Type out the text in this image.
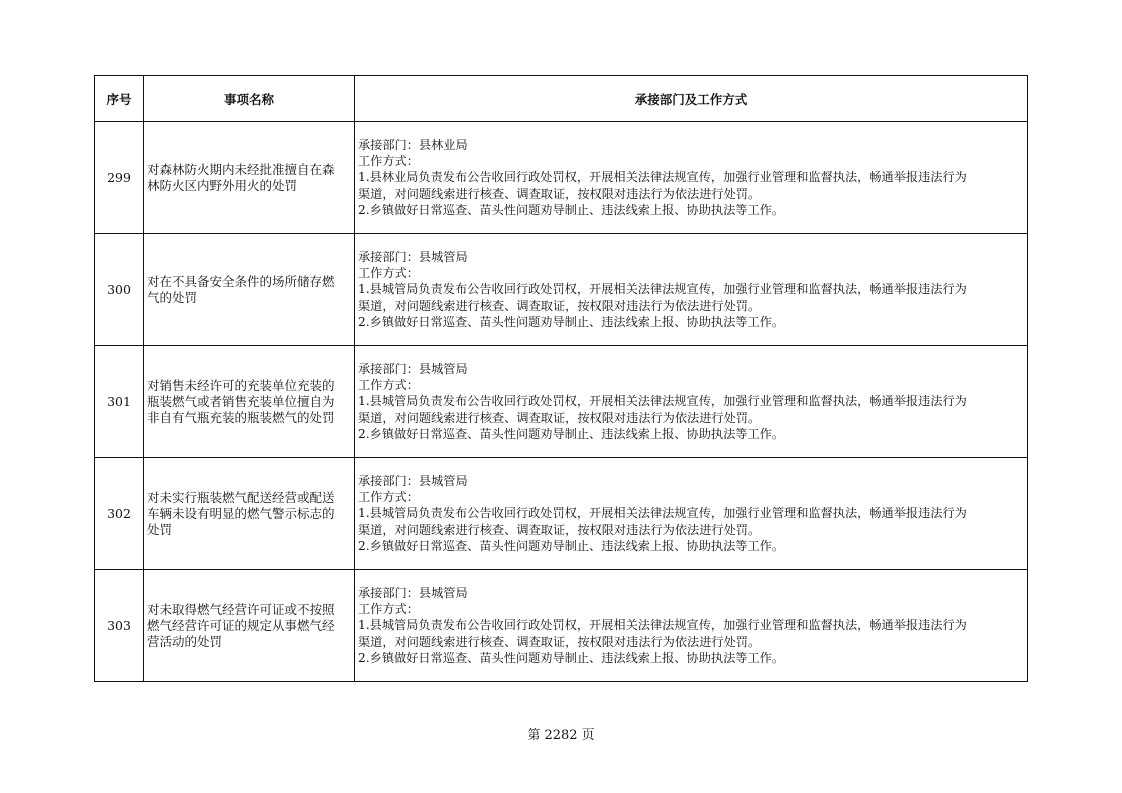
序号	事项名称	承接部门及工作方式
299	对森林防火期内未经批准擅自在森
林防火区内野外用火的处罚	承接部门：县林业局
工作方式：
1.县林业局负责发布公告收回行政处罚权，开展相关法律法规宣传，加强行业管理和监督执法，畅通举报违法行为
渠道，对问题线索进行核查、调查取证，按权限对违法行为依法进行处罚。
2.乡镇做好日常巡查、苗头性问题劝导制止、违法线索上报、协助执法等工作。

300	对在不具备安全条件的场所储存燃
气的处罚	承接部门：县城管局
工作方式：
1.县城管局负责发布公告收回行政处罚权，开展相关法律法规宣传，加强行业管理和监督执法，畅通举报违法行为
渠道，对问题线索进行核查、调查取证，按权限对违法行为依法进行处罚。
2.乡镇做好日常巡查、苗头性问题劝导制止、违法线索上报、协助执法等工作。

301	对销售未经许可的充装单位充装的
瓶装燃气或者销售充装单位擅自为
非自有气瓶充装的瓶装燃气的处罚	承接部门：县城管局
工作方式：
1.县城管局负责发布公告收回行政处罚权，开展相关法律法规宣传，加强行业管理和监督执法，畅通举报违法行为
渠道，对问题线索进行核查、调查取证，按权限对违法行为依法进行处罚。
2.乡镇做好日常巡查、苗头性问题劝导制止、违法线索上报、协助执法等工作。

302	对未实行瓶装燃气配送经营或配送
车辆未设有明显的燃气警示标志的
处罚	承接部门：县城管局
工作方式：
1.县城管局负责发布公告收回行政处罚权，开展相关法律法规宣传，加强行业管理和监督执法，畅通举报违法行为
渠道，对问题线索进行核查、调查取证，按权限对违法行为依法进行处罚。
2.乡镇做好日常巡查、苗头性问题劝导制止、违法线索上报、协助执法等工作。

303	对未取得燃气经营许可证或不按照
燃气经营许可证的规定从事燃气经
营活动的处罚	承接部门：县城管局
工作方式：
1.县城管局负责发布公告收回行政处罚权，开展相关法律法规宣传，加强行业管理和监督执法，畅通举报违法行为
渠道，对问题线索进行核查、调查取证，按权限对违法行为依法进行处罚。
2.乡镇做好日常巡查、苗头性问题劝导制止、违法线索上报、协助执法等工作。
第 2282 页
